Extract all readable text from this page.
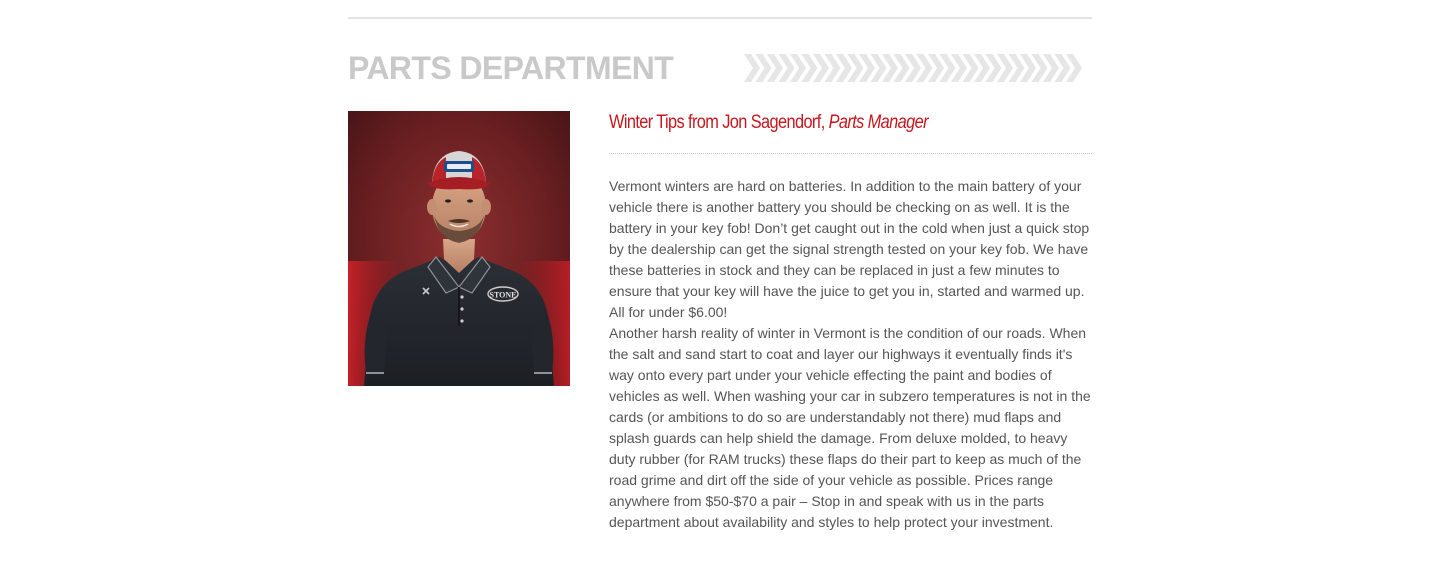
PARTS DEPARTMENT
STONE
Winter Tips from Jon Sagendorf, Parts Manager

Vermont winters are hard on batteries. In addition to the main battery of your vehicle there is another battery you should be checking on as well. It is the battery in your key fob! Don’t get caught out in the cold when just a quick stop by the dealership can get the signal strength tested on your key fob. We have these batteries in stock and they can be replaced in just a few minutes to ensure that your key will have the juice to get you in, started and warmed up. All for under $6.00!

Another harsh reality of winter in Vermont is the condition of our roads. When the salt and sand start to coat and layer our highways it eventually finds it's way onto every part under your vehicle effecting the paint and bodies of vehicles as well. When washing your car in subzero temperatures is not in the cards (or ambitions to do so are understandably not there) mud flaps and splash guards can help shield the damage. From deluxe molded, to heavy duty rubber (for RAM trucks) these flaps do their part to keep as much of the road grime and dirt off the side of your vehicle as possible. Prices range anywhere from $50-$70 a pair – Stop in and speak with us in the parts department about availability and styles to help protect your investment.
